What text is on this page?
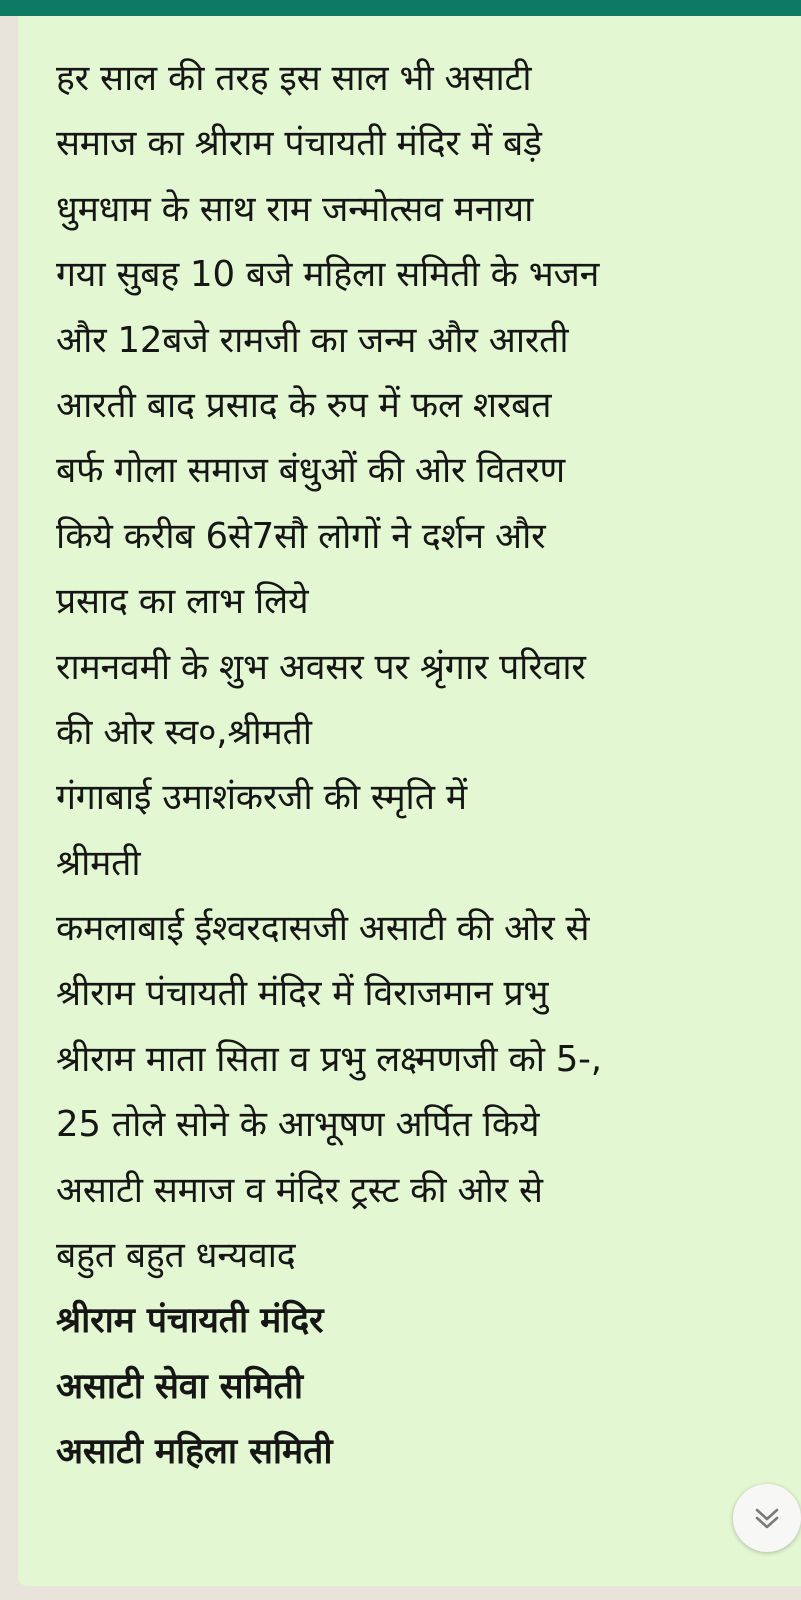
हर साल की तरह इस साल भी असाटी
समाज का श्रीराम पंचायती मंदिर में बड़े
धुमधाम के साथ राम जन्मोत्सव मनाया
गया सुबह 10 बजे महिला समिती के भजन
और 12बजे रामजी का जन्म और आरती
आरती बाद प्रसाद के रुप में फल शरबत
बर्फ गोला समाज बंधुओं की ओर वितरण
किये करीब 6से7सौ लोगों ने दर्शन और
प्रसाद का लाभ लिये
रामनवमी के शुभ अवसर पर श्रृंगार परिवार
की ओर स्व०,श्रीमती
गंगाबाई उमाशंकरजी की स्मृति में
श्रीमती
कमलाबाई ईश्वरदासजी असाटी की ओर से
श्रीराम पंचायती मंदिर में विराजमान प्रभु
श्रीराम माता सिता व प्रभु लक्ष्मणजी को 5-,
25 तोले सोने के आभूषण अर्पित किये
असाटी समाज व मंदिर ट्रस्ट की ओर से
बहुत बहुत धन्यवाद
श्रीराम पंचायती मंदिर
असाटी सेवा समिती
असाटी महिला समिती
